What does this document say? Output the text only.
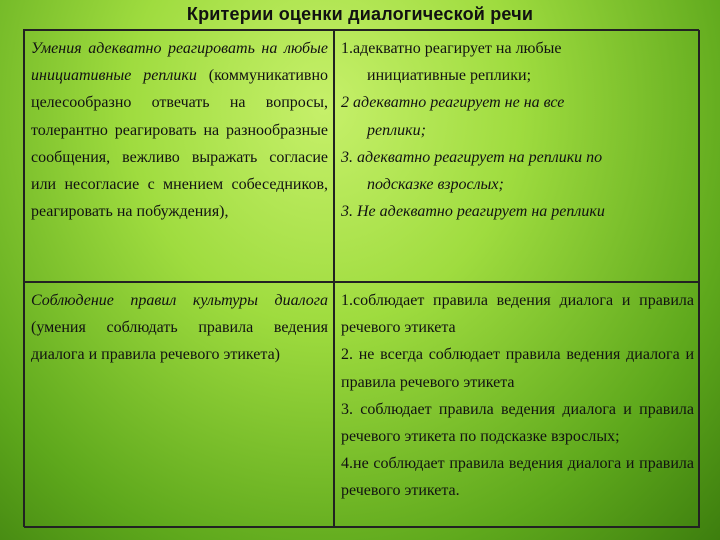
Критерии оценки диалогической речи
Умения адекватно реагировать на любые инициативные реплики (коммуникативно целесообразно отвечать на вопросы, толерантно реагировать на разнообразные сообщения, вежливо выражать согласие или несогласие с мнением собеседников, реагировать на побуждения),

1.адекватно реагирует на любые

инициативные реплики;

2 адекватно реагирует не на все

реплики;

3. адекватно реагирует на реплики по

подсказке взрослых;

3. Не адекватно реагирует на реплики

Соблюдение правил культуры диалога (умения соблюдать правила ведения диалога и правила речевого этикета)

1.соблюдает правила ведения диалога и правила речевого этикета

2. не всегда соблюдает правила ведения диалога и правила речевого этикета

3. соблюдает правила ведения диалога и правила речевого этикета по подсказке взрослых;

4.не соблюдает правила ведения диалога и правила речевого этикета.
